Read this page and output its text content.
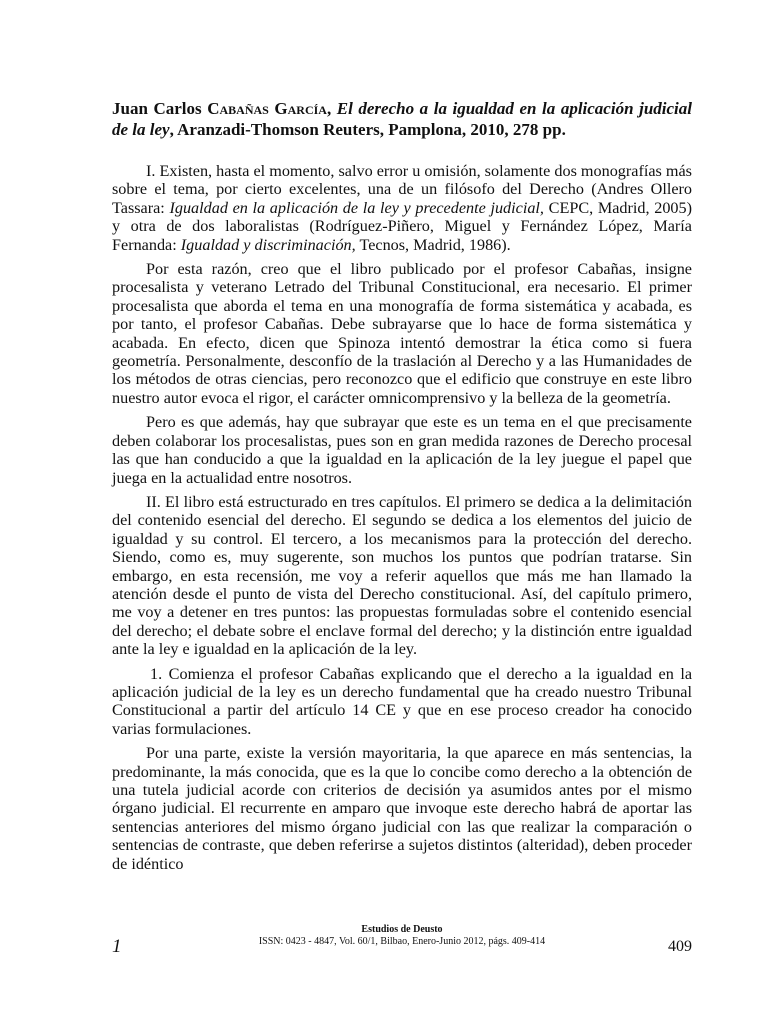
Juan Carlos Cabañas García, El derecho a la igualdad en la aplicación judicial de la ley, Aranzadi-Thomson Reuters, Pamplona, 2010, 278 pp.

I. Existen, hasta el momento, salvo error u omisión, solamente dos monografías más sobre el tema, por cierto excelentes, una de un filósofo del Derecho (Andres Ollero Tassara: Igualdad en la aplicación de la ley y precedente judicial, CEPC, Madrid, 2005) y otra de dos laboralistas (Rodríguez-Piñero, Miguel y Fernández López, María Fernanda: Igualdad y discriminación, Tecnos, Madrid, 1986).

Por esta razón, creo que el libro publicado por el profesor Cabañas, insigne procesalista y veterano Letrado del Tribunal Constitucional, era necesario. El primer procesalista que aborda el tema en una monografía de forma sistemática y acabada, es por tanto, el profesor Cabañas. Debe subrayarse que lo hace de forma sistemática y acabada. En efecto, dicen que Spinoza intentó demostrar la ética como si fuera geometría. Personalmente, desconfío de la traslación al Derecho y a las Humanidades de los métodos de otras ciencias, pero reconozco que el edificio que construye en este libro nuestro autor evoca el rigor, el carácter omnicomprensivo y la belleza de la geometría.

Pero es que además, hay que subrayar que este es un tema en el que precisamente deben colaborar los procesalistas, pues son en gran medida razones de Derecho procesal las que han conducido a que la igualdad en la aplicación de la ley juegue el papel que juega en la actualidad entre nosotros.

II. El libro está estructurado en tres capítulos. El primero se dedica a la delimitación del contenido esencial del derecho. El segundo se dedica a los elementos del juicio de igualdad y su control. El tercero, a los mecanismos para la protección del derecho. Siendo, como es, muy sugerente, son muchos los puntos que podrían tratarse. Sin embargo, en esta recensión, me voy a referir aquellos que más me han llamado la atención desde el punto de vista del Derecho constitucional. Así, del capítulo primero, me voy a detener en tres puntos: las propuestas formuladas sobre el contenido esencial del derecho; el debate sobre el enclave formal del derecho; y la distinción entre igualdad ante la ley e igualdad en la aplicación de la ley.

1. Comienza el profesor Cabañas explicando que el derecho a la igualdad en la aplicación judicial de la ley es un derecho fundamental que ha creado nuestro Tribunal Constitucional a partir del artículo 14 CE y que en ese proceso creador ha conocido varias formulaciones.

Por una parte, existe la versión mayoritaria, la que aparece en más sentencias, la predominante, la más conocida, que es la que lo concibe como derecho a la obtención de una tutela judicial acorde con criterios de decisión ya asumidos antes por el mismo órgano judicial. El recurrente en amparo que invoque este derecho habrá de aportar las sentencias anteriores del mismo órgano judicial con las que realizar la comparación o sentencias de contraste, que deben referirse a sujetos distintos (alteridad), deben proceder de idéntico

1
Estudios de Deusto
ISSN: 0423 - 4847, Vol. 60/1, Bilbao, Enero-Junio 2012, págs. 409-414	409
